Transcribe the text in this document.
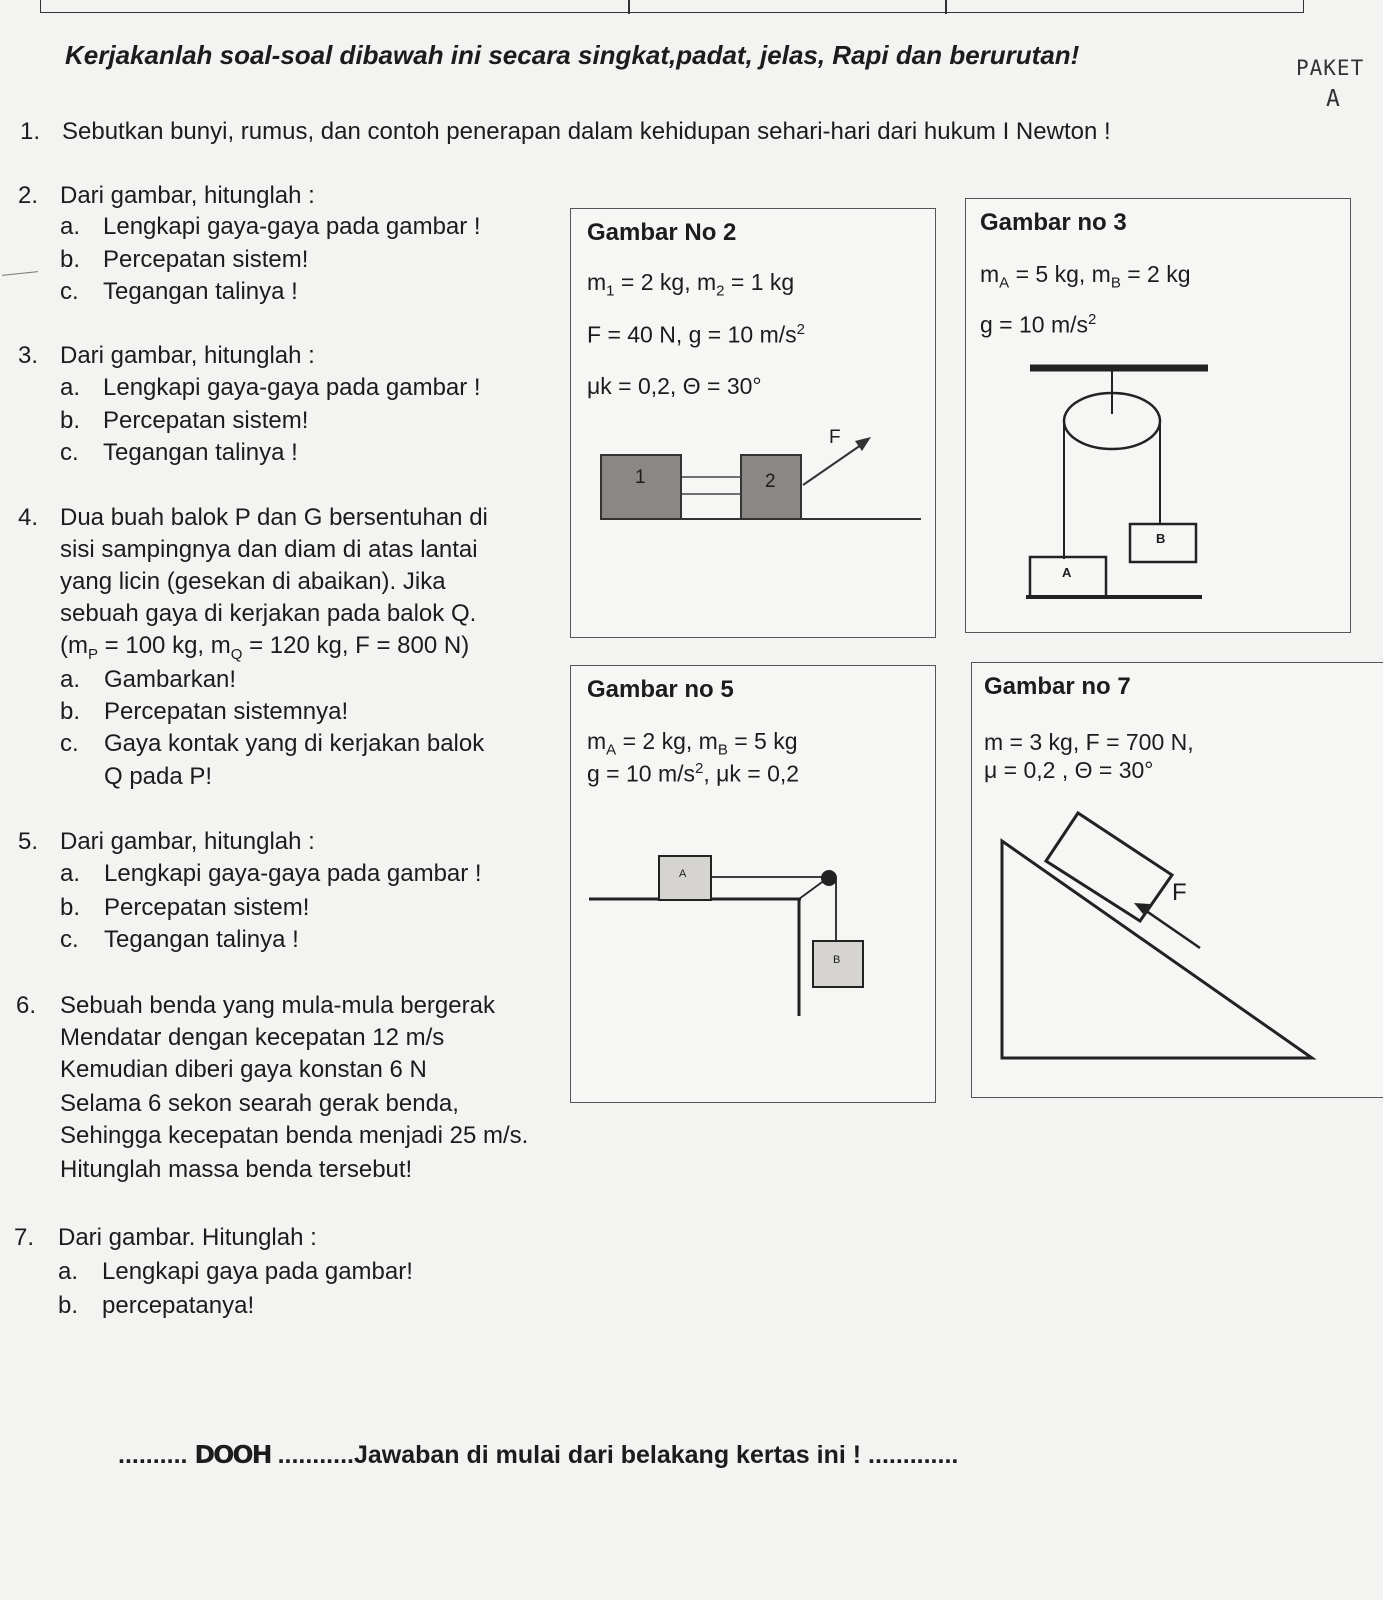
Kerjakanlah soal-soal dibawah ini secara singkat,padat, jelas, Rapi dan berurutan!	PAKET
A
1. Sebutkan bunyi, rumus, dan contoh penerapan dalam kehidupan sehari-hari dari hukum I Newton !
2. Dari gambar, hitunglah :
a. Lengkapi gaya-gaya pada gambar !
b. Percepatan sistem!
c. Tegangan talinya !
3. Dari gambar, hitunglah :
a. Lengkapi gaya-gaya pada gambar !
b. Percepatan sistem!
c. Tegangan talinya !
4. Dua buah balok P dan G bersentuhan di
sisi sampingnya dan diam di atas lantai
yang licin (gesekan di abaikan). Jika
sebuah gaya di kerjakan pada balok Q.
($m_P = 100$ kg, $m_Q = 120$ kg, F = 800 N)
a. Gambarkan!
b. Percepatan sistemnya!
c. Gaya kontak yang di kerjakan balok
Q pada P!
5. Dari gambar, hitunglah :
a. Lengkapi gaya-gaya pada gambar !
b. Percepatan sistem!
c. Tegangan talinya !
6. Sebuah benda yang mula-mula bergerak
Mendatar dengan kecepatan 12 m/s
Kemudian diberi gaya konstan 6 N
Selama 6 sekon searah gerak benda,
Sehingga kecepatan benda menjadi 25 m/s.
Hitunglah massa benda tersebut!
7. Dari gambar. Hitunglah :
a. Lengkapi gaya pada gambar!
b. percepatanya!
Gambar No 2
$m_1 = 2$ kg, $m_2 = 1$ kg
F = 40 N, g = 10 $m/s^2$
μk = 0,2, Θ = 30°
1	2
F
Gambar no 3
$m_A = 5$ kg, $m_B = 2$ kg
g = 10 $m/s^2$
B
A
Gambar no 5
$m_A = 2$ kg, $m_B = 5$ kg
g = 10 $m/s^2$, μk = 0,2
A
B
Gambar no 7
m = 3 kg, F = 700 N,
μ = 0,2 , Θ = 30°
F
.......... DOOH ...........Jawaban di mulai dari belakang kertas ini ! .............
